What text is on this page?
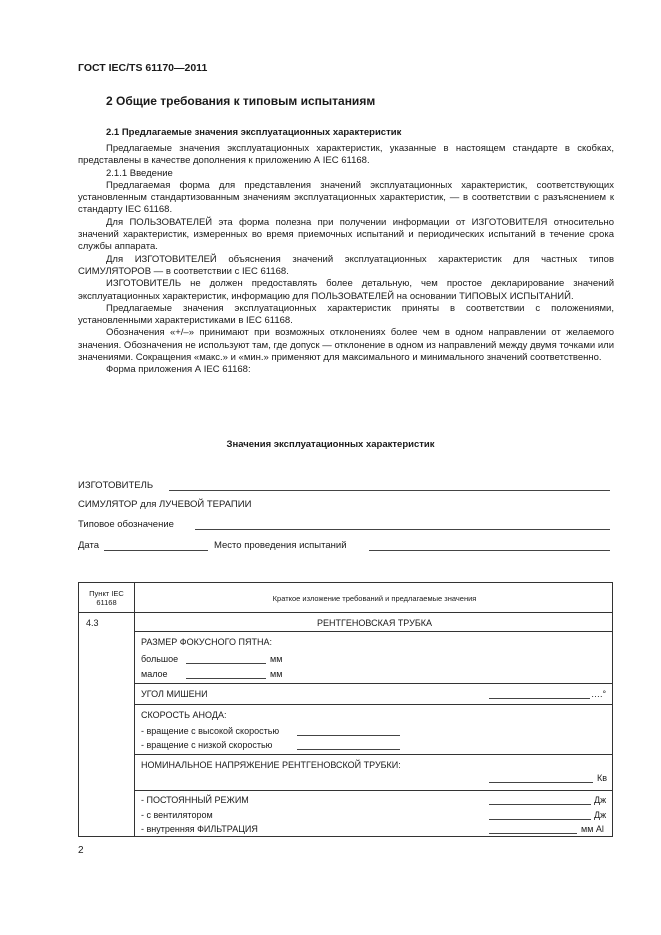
ГОСТ IEC/TS 61170—2011
2 Общие требования к типовым испытаниям
2.1 Предлагаемые значения эксплуатационных характеристик

Предлагаемые значения эксплуатационных характеристик, указанные в настоящем стандарте в скобках, представлены в качестве дополнения к приложению А IEC 61168.

2.1.1 Введение

Предлагаемая форма для представления значений эксплуатационных характеристик, соответствующих установленным стандартизованным значениям эксплуатационных характеристик, — в соответствии с разъяснением к стандарту IEC 61168.

Для ПОЛЬЗОВАТЕЛЕЙ эта форма полезна при получении информации от ИЗГОТОВИТЕЛЯ относительно значений характеристик, измеренных во время приемочных испытаний и периодических испытаний в течение срока службы аппарата.

Для ИЗГОТОВИТЕЛЕЙ объяснения значений эксплуатационных характеристик для частных типов СИМУЛЯТОРОВ — в соответствии с IEC 61168.

ИЗГОТОВИТЕЛЬ не должен предоставлять более детальную, чем простое декларирование значений эксплуатационных характеристик, информацию для ПОЛЬЗОВАТЕЛЕЙ на основании ТИПОВЫХ ИСПЫТАНИЙ.

Предлагаемые значения эксплуатационных характеристик приняты в соответствии с положениями, установленными характеристиками в IEC 61168.

Обозначения «+/–» принимают при возможных отклонениях более чем в одном направлении от желаемого значения. Обозначения не используют там, где допуск — отклонение в одном из направлений между двумя точками или значениями. Сокращения «макс.» и «мин.» применяют для максимального и минимального значений соответственно.

Форма приложения А IEC 61168:

Значения эксплуатационных характеристик
ИЗГОТОВИТЕЛЬ
СИМУЛЯТОР для ЛУЧЕВОЙ ТЕРАПИИ
Типовое обозначение
Дата	Место проведения испытаний
Пункт IEC 61168	Краткое изложение требований и предлагаемые значения
4.3	РЕНТГЕНОВСКАЯ ТРУБКА
РАЗМЕР ФОКУСНОГО ПЯТНА:
большое	мм
малое	мм
УГОЛ МИШЕНИ	….°
СКОРОСТЬ АНОДА:
- вращение с высокой скоростью
- вращение с низкой скоростью
НОМИНАЛЬНОЕ НАПРЯЖЕНИЕ РЕНТГЕНОВСКОЙ ТРУБКИ:
Кв
- ПОСТОЯННЫЙ РЕЖИМ	Дж
- с вентилятором	Дж
- внутренняя ФИЛЬТРАЦИЯ	мм Al
2
